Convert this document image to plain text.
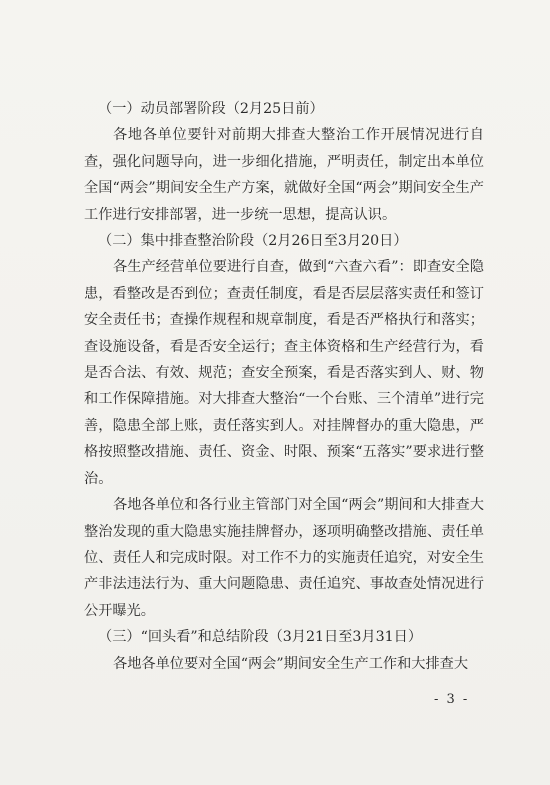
（一）动员部署阶段（2月25日前）

各地各单位要针对前期大排查大整治工作开展情况进行自查，强化问题导向，进一步细化措施，严明责任，制定出本单位全国“两会”期间安全生产方案，就做好全国“两会”期间安全生产工作进行安排部署，进一步统一思想，提高认识。

（二）集中排查整治阶段（2月26日至3月20日）

各生产经营单位要进行自查，做到“六查六看”：即查安全隐患，看整改是否到位；查责任制度，看是否层层落实责任和签订安全责任书；查操作规程和规章制度，看是否严格执行和落实；查设施设备，看是否安全运行；查主体资格和生产经营行为，看是否合法、有效、规范；查安全预案，看是否落实到人、财、物和工作保障措施。对大排查大整治“一个台账、三个清单”进行完善，隐患全部上账，责任落实到人。对挂牌督办的重大隐患，严格按照整改措施、责任、资金、时限、预案“五落实”要求进行整治。

各地各单位和各行业主管部门对全国“两会”期间和大排查大整治发现的重大隐患实施挂牌督办，逐项明确整改措施、责任单位、责任人和完成时限。对工作不力的实施责任追究，对安全生产非法违法行为、重大问题隐患、责任追究、事故查处情况进行公开曝光。

（三）“回头看”和总结阶段（3月21日至3月31日）

各地各单位要对全国“两会”期间安全生产工作和大排查大

- 3 -
